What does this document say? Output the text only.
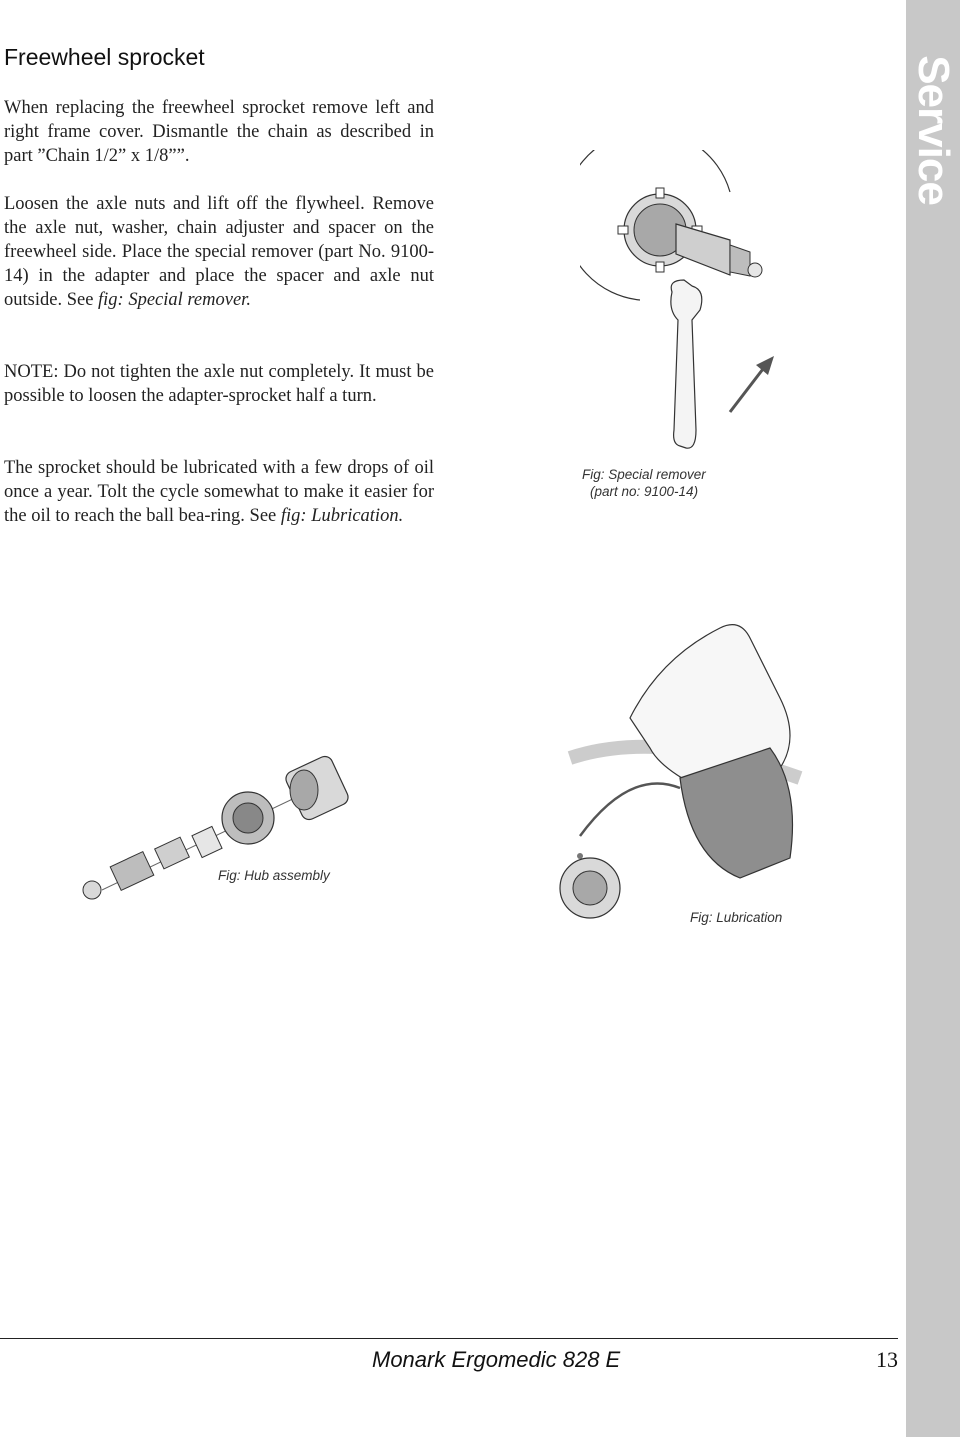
Service
Freewheel sprocket

When replacing the freewheel sprocket remove left and right frame cover. Dismantle the chain as described in part ”Chain 1/2” x 1/8””.

Loosen the axle nuts and lift off the flywheel. Remove the axle nut, washer, chain adjuster and spacer on the freewheel side. Place the special remover (part No. 9100-14) in the adapter and place the spacer and axle nut outside. See fig: Special remover.

NOTE: Do not tighten the axle nut completely. It must be possible to loosen the adapter-sprocket half a turn.

The sprocket should be lubricated with a few drops of oil once a year. Tolt the cycle somewhat to make it easier for the oil to reach the ball bea-ring. See fig: Lubrication.

Fig: Special remover
(part no: 9100-14)
Fig: Hub assembly
Fig: Lubrication
Monark Ergomedic 828 E	13
